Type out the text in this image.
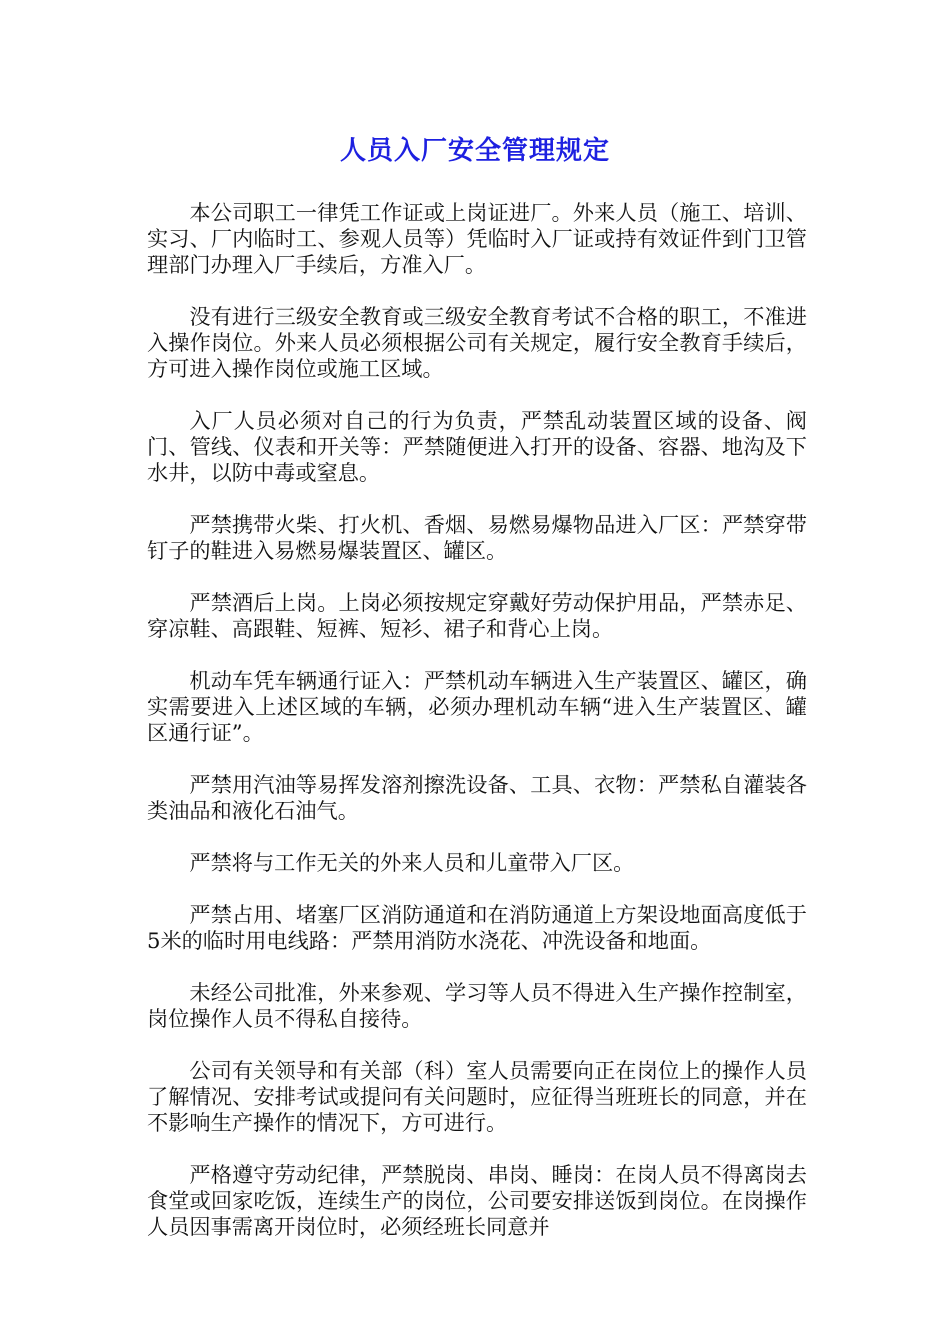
人员入厂安全管理规定

本公司职工一律凭工作证或上岗证进厂。外来人员（施工、培训、实习、厂内临时工、参观人员等）凭临时入厂证或持有效证件到门卫管理部门办理入厂手续后，方准入厂。

没有进行三级安全教育或三级安全教育考试不合格的职工，不准进入操作岗位。外来人员必须根据公司有关规定，履行安全教育手续后，方可进入操作岗位或施工区域。

入厂人员必须对自己的行为负责，严禁乱动装置区域的设备、阀门、管线、仪表和开关等：严禁随便进入打开的设备、容器、地沟及下水井，以防中毒或窒息。

严禁携带火柴、打火机、香烟、易燃易爆物品进入厂区：严禁穿带钉子的鞋进入易燃易爆装置区、罐区。

严禁酒后上岗。上岗必须按规定穿戴好劳动保护用品，严禁赤足、穿凉鞋、高跟鞋、短裤、短衫、裙子和背心上岗。

机动车凭车辆通行证入：严禁机动车辆进入生产装置区、罐区，确实需要进入上述区域的车辆，必须办理机动车辆“进入生产装置区、罐区通行证”。

严禁用汽油等易挥发溶剂擦洗设备、工具、衣物：严禁私自灌装各类油品和液化石油气。

严禁将与工作无关的外来人员和儿童带入厂区。

严禁占用、堵塞厂区消防通道和在消防通道上方架设地面高度低于5米的临时用电线路：严禁用消防水浇花、冲洗设备和地面。

未经公司批准，外来参观、学习等人员不得进入生产操作控制室，岗位操作人员不得私自接待。

公司有关领导和有关部（科）室人员需要向正在岗位上的操作人员了解情况、安排考试或提问有关问题时，应征得当班班长的同意，并在不影响生产操作的情况下，方可进行。

严格遵守劳动纪律，严禁脱岗、串岗、睡岗：在岗人员不得离岗去食堂或回家吃饭，连续生产的岗位，公司要安排送饭到岗位。在岗操作人员因事需离开岗位时，必须经班长同意并
